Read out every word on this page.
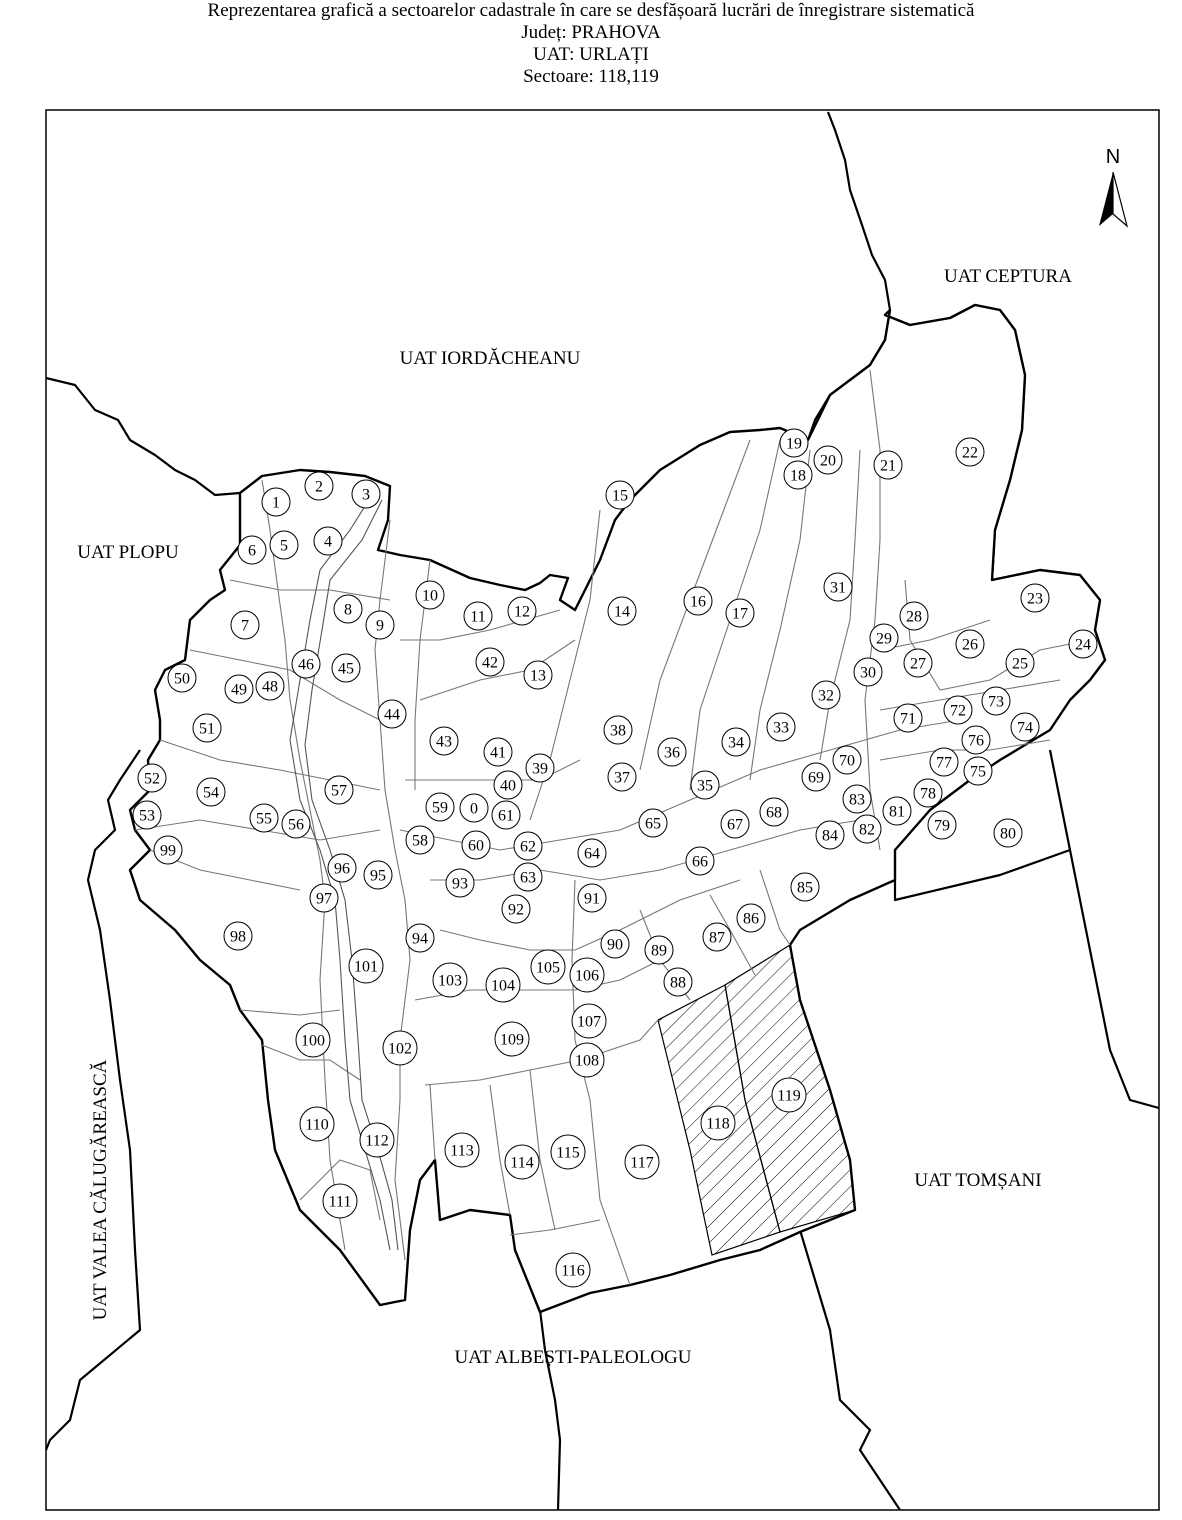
Reprezentarea grafică a sectoarelor cadastrale în care se desfășoară lucrări de înregistrare sistematică
Județ: PRAHOVA
UAT: URLAȚI
Sectoare: 118,119
UAT IORDĂCHEANU
UAT CEPTURA
UAT PLOPU
UAT VALEA CĂLUGĂREASCĂ	UAT TOMȘANI
UAT ALBEȘTI-PALEOLOGU
N
0
1
2 3
4
5
6
7
8
9
10
11 12
13
14
15
16
17
18
19
20	21
22
23
24
25
26
27
28
29
30
31
32
33
34
35
36
37
38
39
40
41
42
43
44
45
46
48
49
50
51
52
53
54
55 56
57
58
59
60
61
62
63
64
65
66
67
68
69
70
71 72
73
74
75
76
77
78
79	80
81
82
83
84
85
86
87
88
89
90
91
92
93
94
95
96
97
98
99
100
101
102
103 104
105 106
107
108
109
110
111
112
113
114
115
116
117
118
119
